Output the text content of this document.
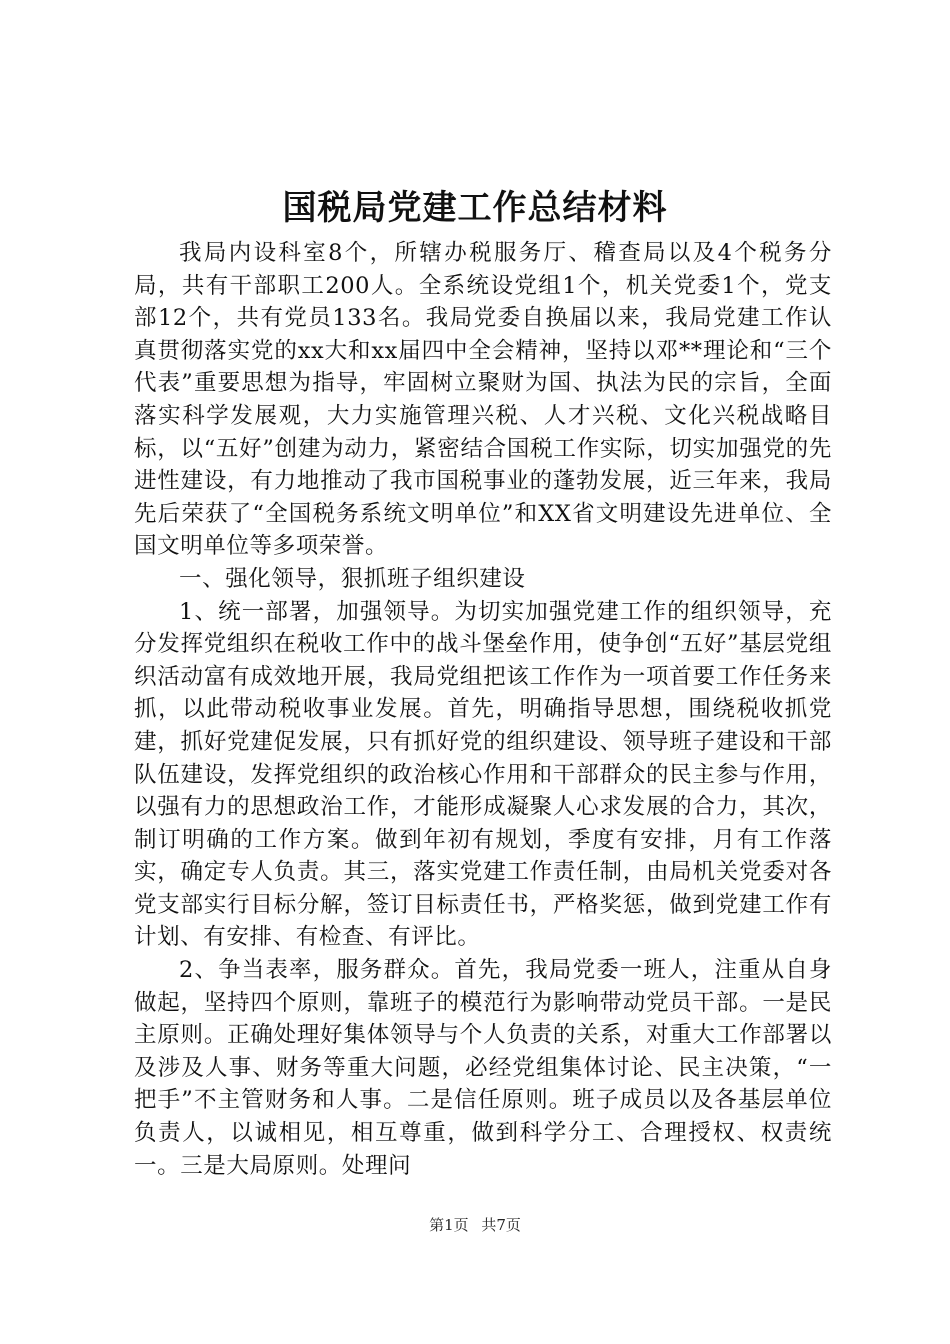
国税局党建工作总结材料

我局内设科室8个，所辖办税服务厅、稽查局以及4个税务分局，共有干部职工200人。全系统设党组1个，机关党委1个，党支部12个，共有党员133名。我局党委自换届以来，我局党建工作认真贯彻落实党的xx大和xx届四中全会精神，坚持以邓**理论和“三个代表”重要思想为指导，牢固树立聚财为国、执法为民的宗旨，全面落实科学发展观，大力实施管理兴税、人才兴税、文化兴税战略目标，以“五好”创建为动力，紧密结合国税工作实际，切实加强党的先进性建设，有力地推动了我市国税事业的蓬勃发展，近三年来，我局先后荣获了“全国税务系统文明单位”和XX省文明建设先进单位、全国文明单位等多项荣誉。

一、强化领导，狠抓班子组织建设

1、统一部署，加强领导。为切实加强党建工作的组织领导，充分发挥党组织在税收工作中的战斗堡垒作用，使争创“五好”基层党组织活动富有成效地开展，我局党组把该工作作为一项首要工作任务来抓，以此带动税收事业发展。首先，明确指导思想，围绕税收抓党建，抓好党建促发展，只有抓好党的组织建设、领导班子建设和干部队伍建设，发挥党组织的政治核心作用和干部群众的民主参与作用，以强有力的思想政治工作，才能形成凝聚人心求发展的合力，其次，制订明确的工作方案。做到年初有规划，季度有安排，月有工作落实，确定专人负责。其三，落实党建工作责任制，由局机关党委对各党支部实行目标分解，签订目标责任书，严格奖惩，做到党建工作有计划、有安排、有检查、有评比。

2、争当表率，服务群众。首先，我局党委一班人，注重从自身做起，坚持四个原则，靠班子的模范行为影响带动党员干部。一是民主原则。正确处理好集体领导与个人负责的关系，对重大工作部署以及涉及人事、财务等重大问题，必经党组集体讨论、民主决策，“一把手”不主管财务和人事。二是信任原则。班子成员以及各基层单位负责人，以诚相见，相互尊重，做到科学分工、合理授权、权责统一。三是大局原则。处理问

第1页 共7页
